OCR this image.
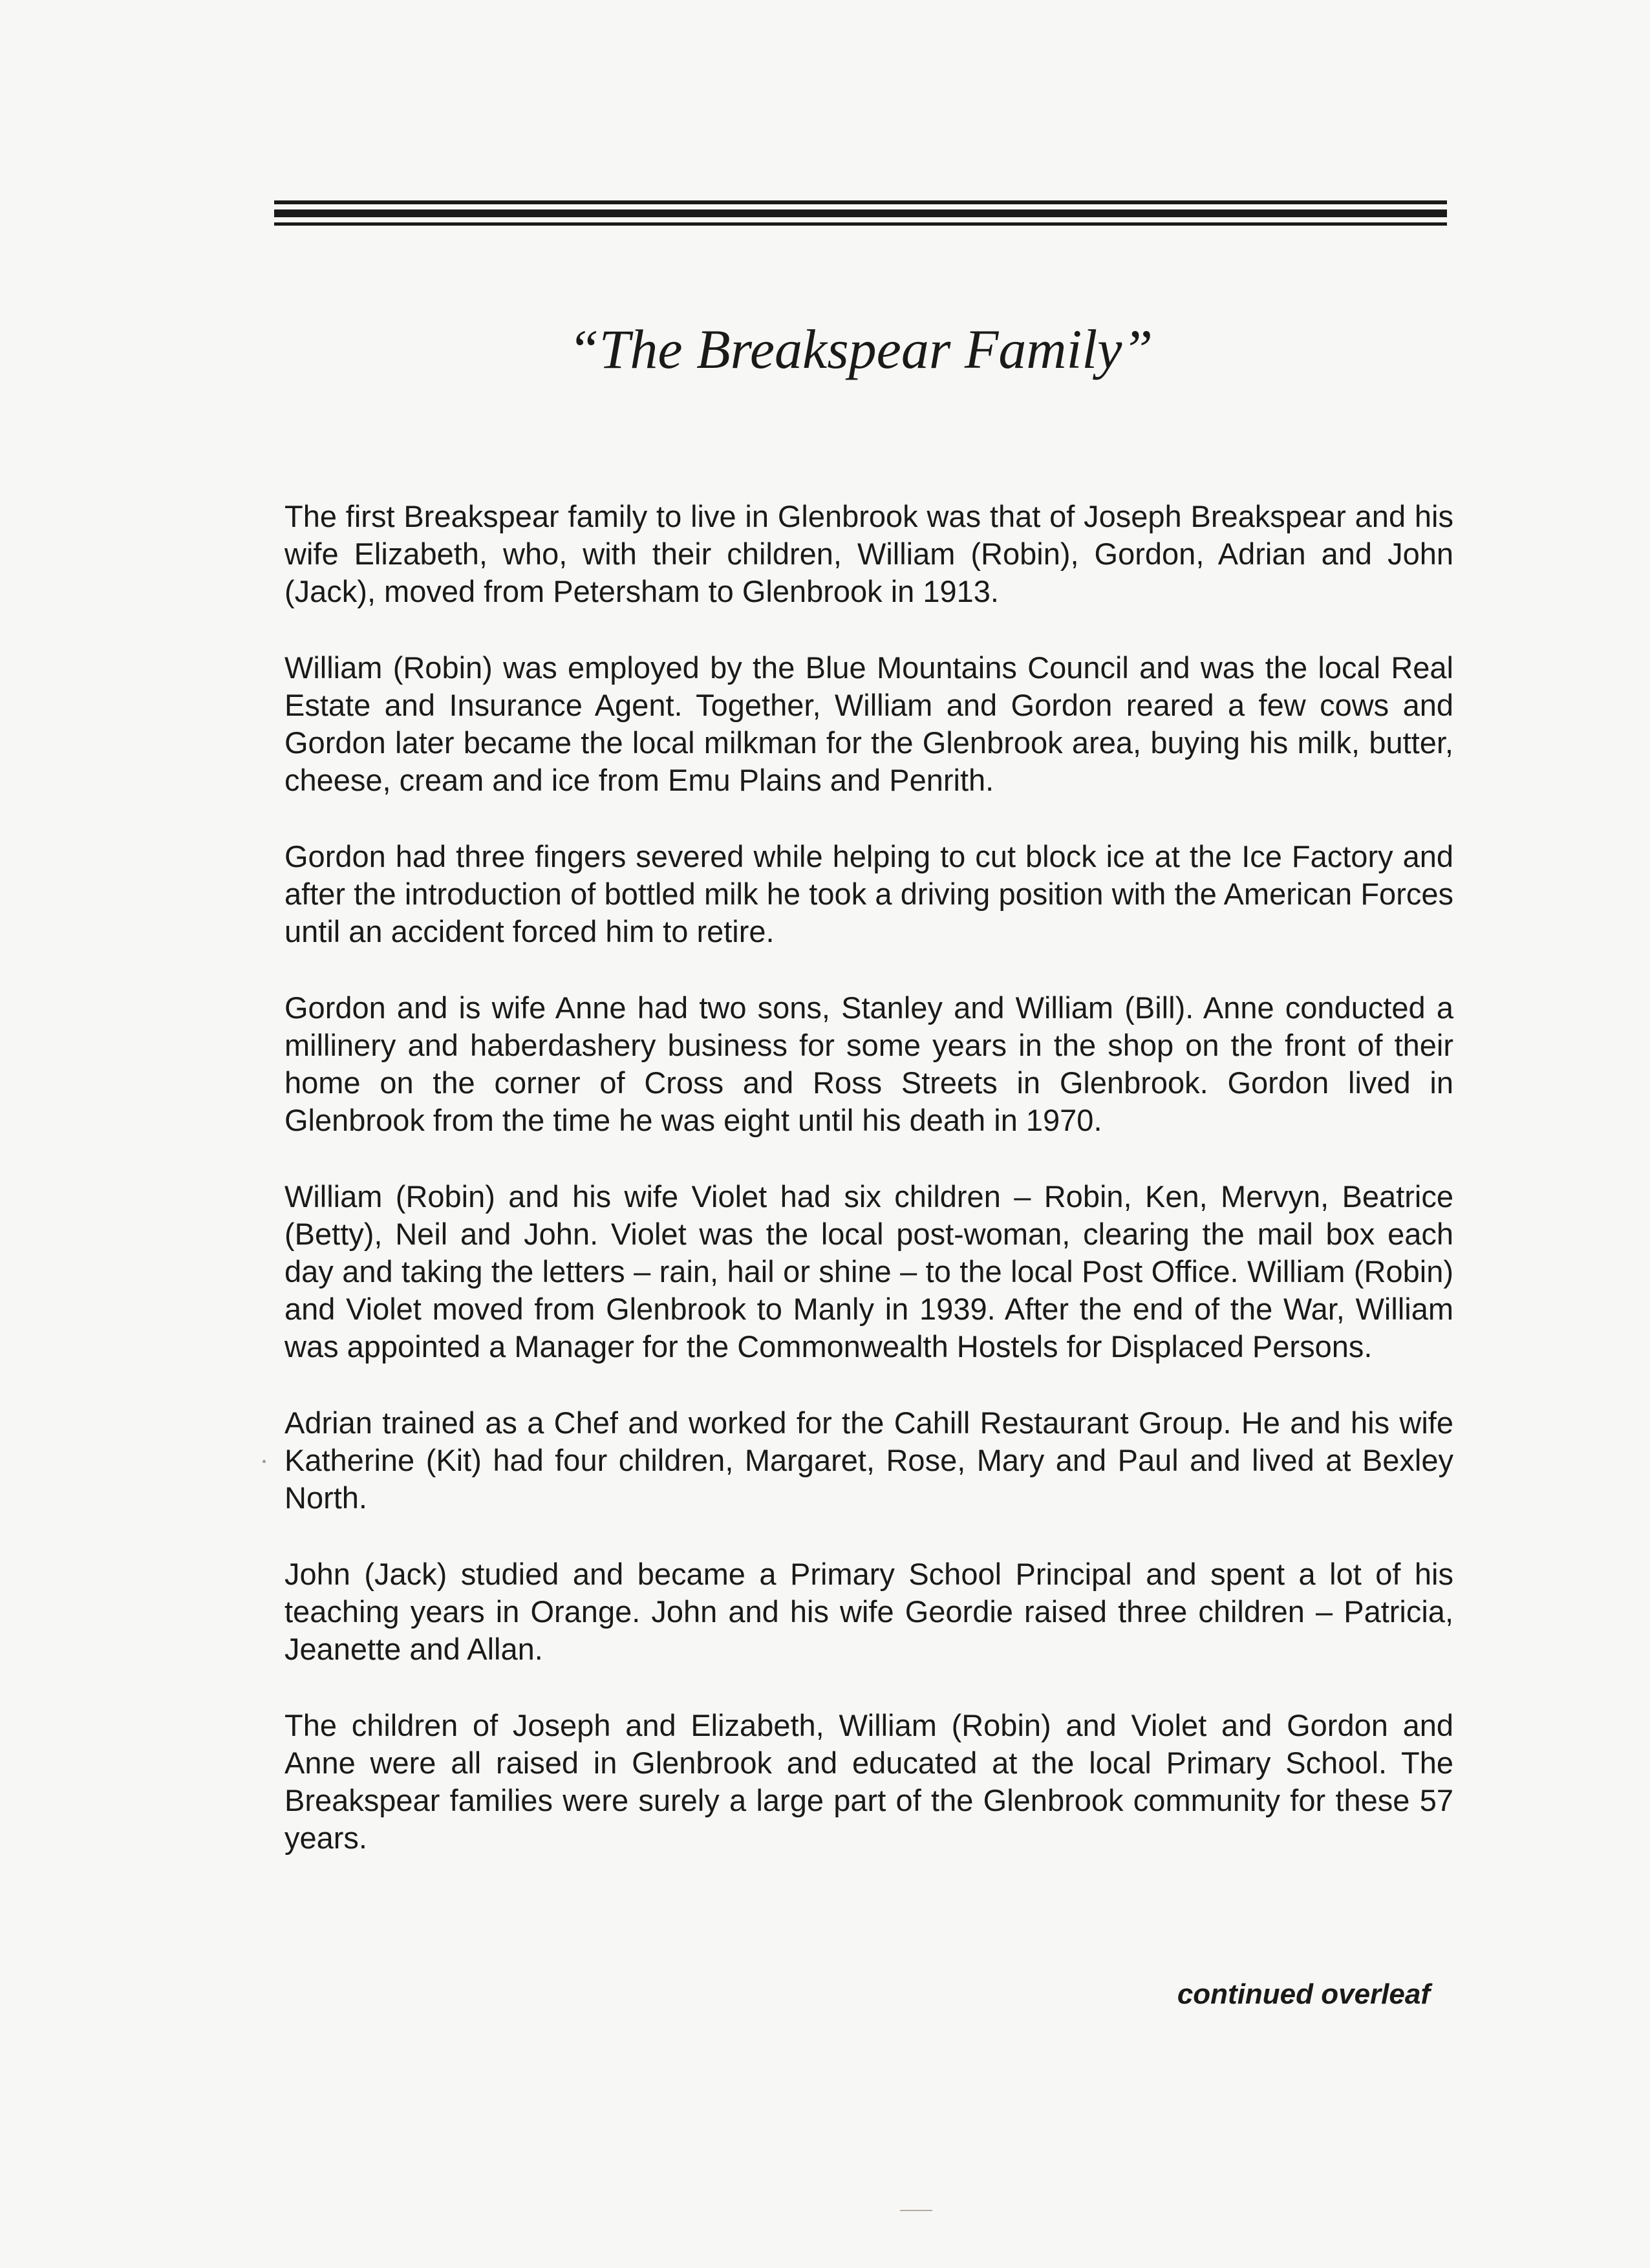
“The Breakspear Family”

The first Breakspear family to live in Glenbrook was that of Joseph Breakspear and his wife Elizabeth, who, with their children, William (Robin), Gordon, Adrian and John (Jack), moved from Petersham to Glenbrook in 1913.

William (Robin) was employed by the Blue Mountains Council and was the local Real Estate and Insurance Agent. Together, William and Gordon reared a few cows and Gordon later became the local milkman for the Glenbrook area, buying his milk, butter, cheese, cream and ice from Emu Plains and Penrith.

Gordon had three fingers severed while helping to cut block ice at the Ice Factory and after the introduction of bottled milk he took a driving position with the American Forces until an accident forced him to retire.

Gordon and is wife Anne had two sons, Stanley and William (Bill). Anne conducted a millinery and haberdashery business for some years in the shop on the front of their home on the corner of Cross and Ross Streets in Glenbrook. Gordon lived in Glenbrook from the time he was eight until his death in 1970.

William (Robin) and his wife Violet had six children – Robin, Ken, Mervyn, Beatrice (Betty), Neil and John. Violet was the local post-woman, clearing the mail box each day and taking the letters – rain, hail or shine – to the local Post Office. William (Robin) and Violet moved from Glenbrook to Manly in 1939. After the end of the War, William was appointed a Manager for the Commonwealth Hostels for Displaced Persons.

Adrian trained as a Chef and worked for the Cahill Restaurant Group. He and his wife Katherine (Kit) had four children, Margaret, Rose, Mary and Paul and lived at Bexley North.

John (Jack) studied and became a Primary School Principal and spent a lot of his teaching years in Orange. John and his wife Geordie raised three children – Patricia, Jeanette and Allan.

The children of Joseph and Elizabeth, William (Robin) and Violet and Gordon and Anne were all raised in Glenbrook and educated at the local Primary School. The Breakspear families were surely a large part of the Glenbrook community for these 57 years.

continued overleaf
